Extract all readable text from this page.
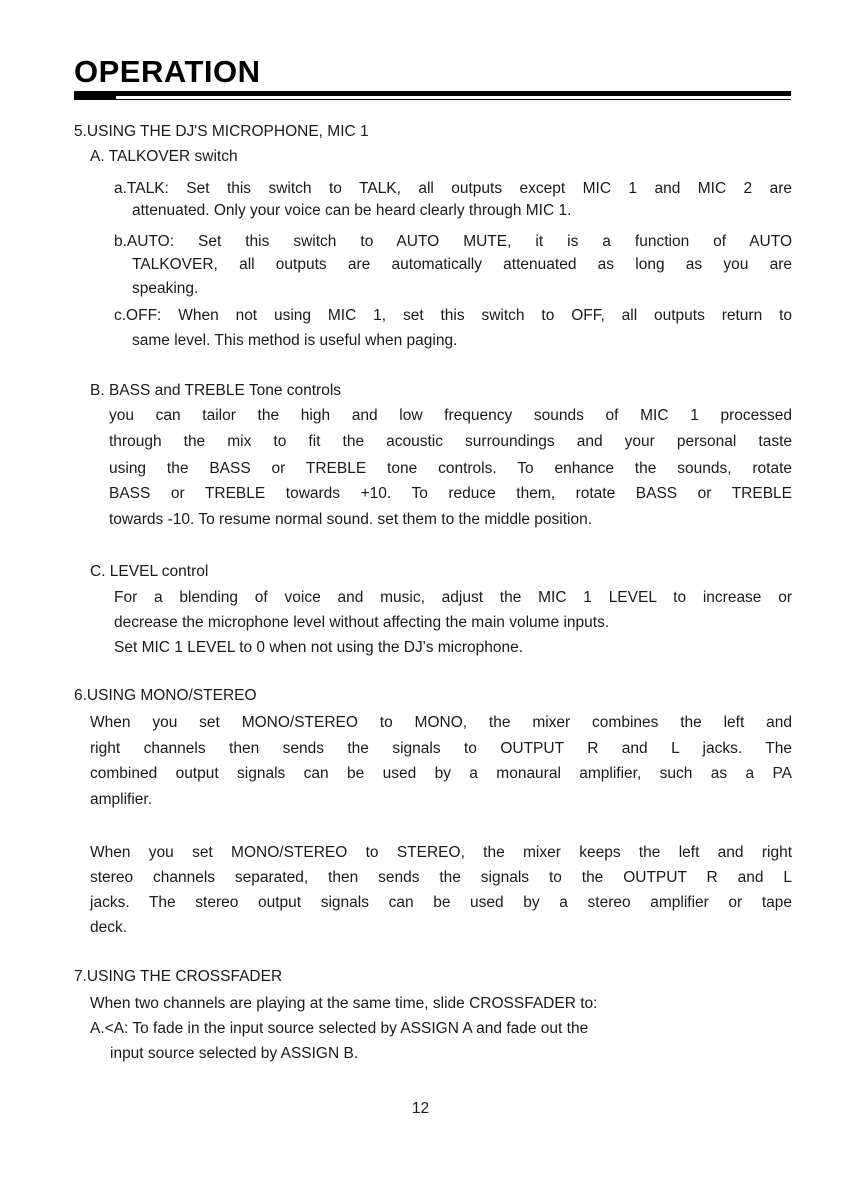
OPERATION

5.USING THE DJ'S MICROPHONE, MIC 1

A. TALKOVER switch

a.TALK: Set this switch to TALK, all outputs except MIC 1 and MIC 2 are

attenuated. Only your voice can be heard clearly through MIC 1.

b.AUTO: Set this switch to AUTO MUTE, it is a function of AUTO

TALKOVER, all outputs are automatically attenuated as long as you are

speaking.

c.OFF: When not using MIC 1, set this switch to OFF, all outputs return to

same level. This method is useful when paging.

B. BASS and TREBLE Tone controls

you can tailor the high and low frequency sounds of MIC 1 processed

through the mix to fit the acoustic surroundings and your personal taste

using the BASS or TREBLE tone controls. To enhance the sounds, rotate

BASS or TREBLE towards +10. To reduce them, rotate BASS or TREBLE

towards -10. To resume normal sound. set them to the middle position.

C. LEVEL control

For a blending of voice and music, adjust the MIC 1 LEVEL to increase or

decrease the microphone level without affecting the main volume inputs.

Set MIC 1 LEVEL to 0 when not using the DJ's microphone.

6.USING MONO/STEREO

When you set MONO/STEREO to MONO, the mixer combines the left and

right channels then sends the signals to OUTPUT R and L jacks. The

combined output signals can be used by a monaural amplifier, such as a PA

amplifier.

When you set MONO/STEREO to STEREO, the mixer keeps the left and right

stereo channels separated, then sends the signals to the OUTPUT R and L

jacks. The stereo output signals can be used by a stereo amplifier or tape

deck.

7.USING THE CROSSFADER

When two channels are playing at the same time, slide CROSSFADER to:

A.<A: To fade in the input source selected by ASSIGN A and fade out the

input source selected by ASSIGN B.

12
